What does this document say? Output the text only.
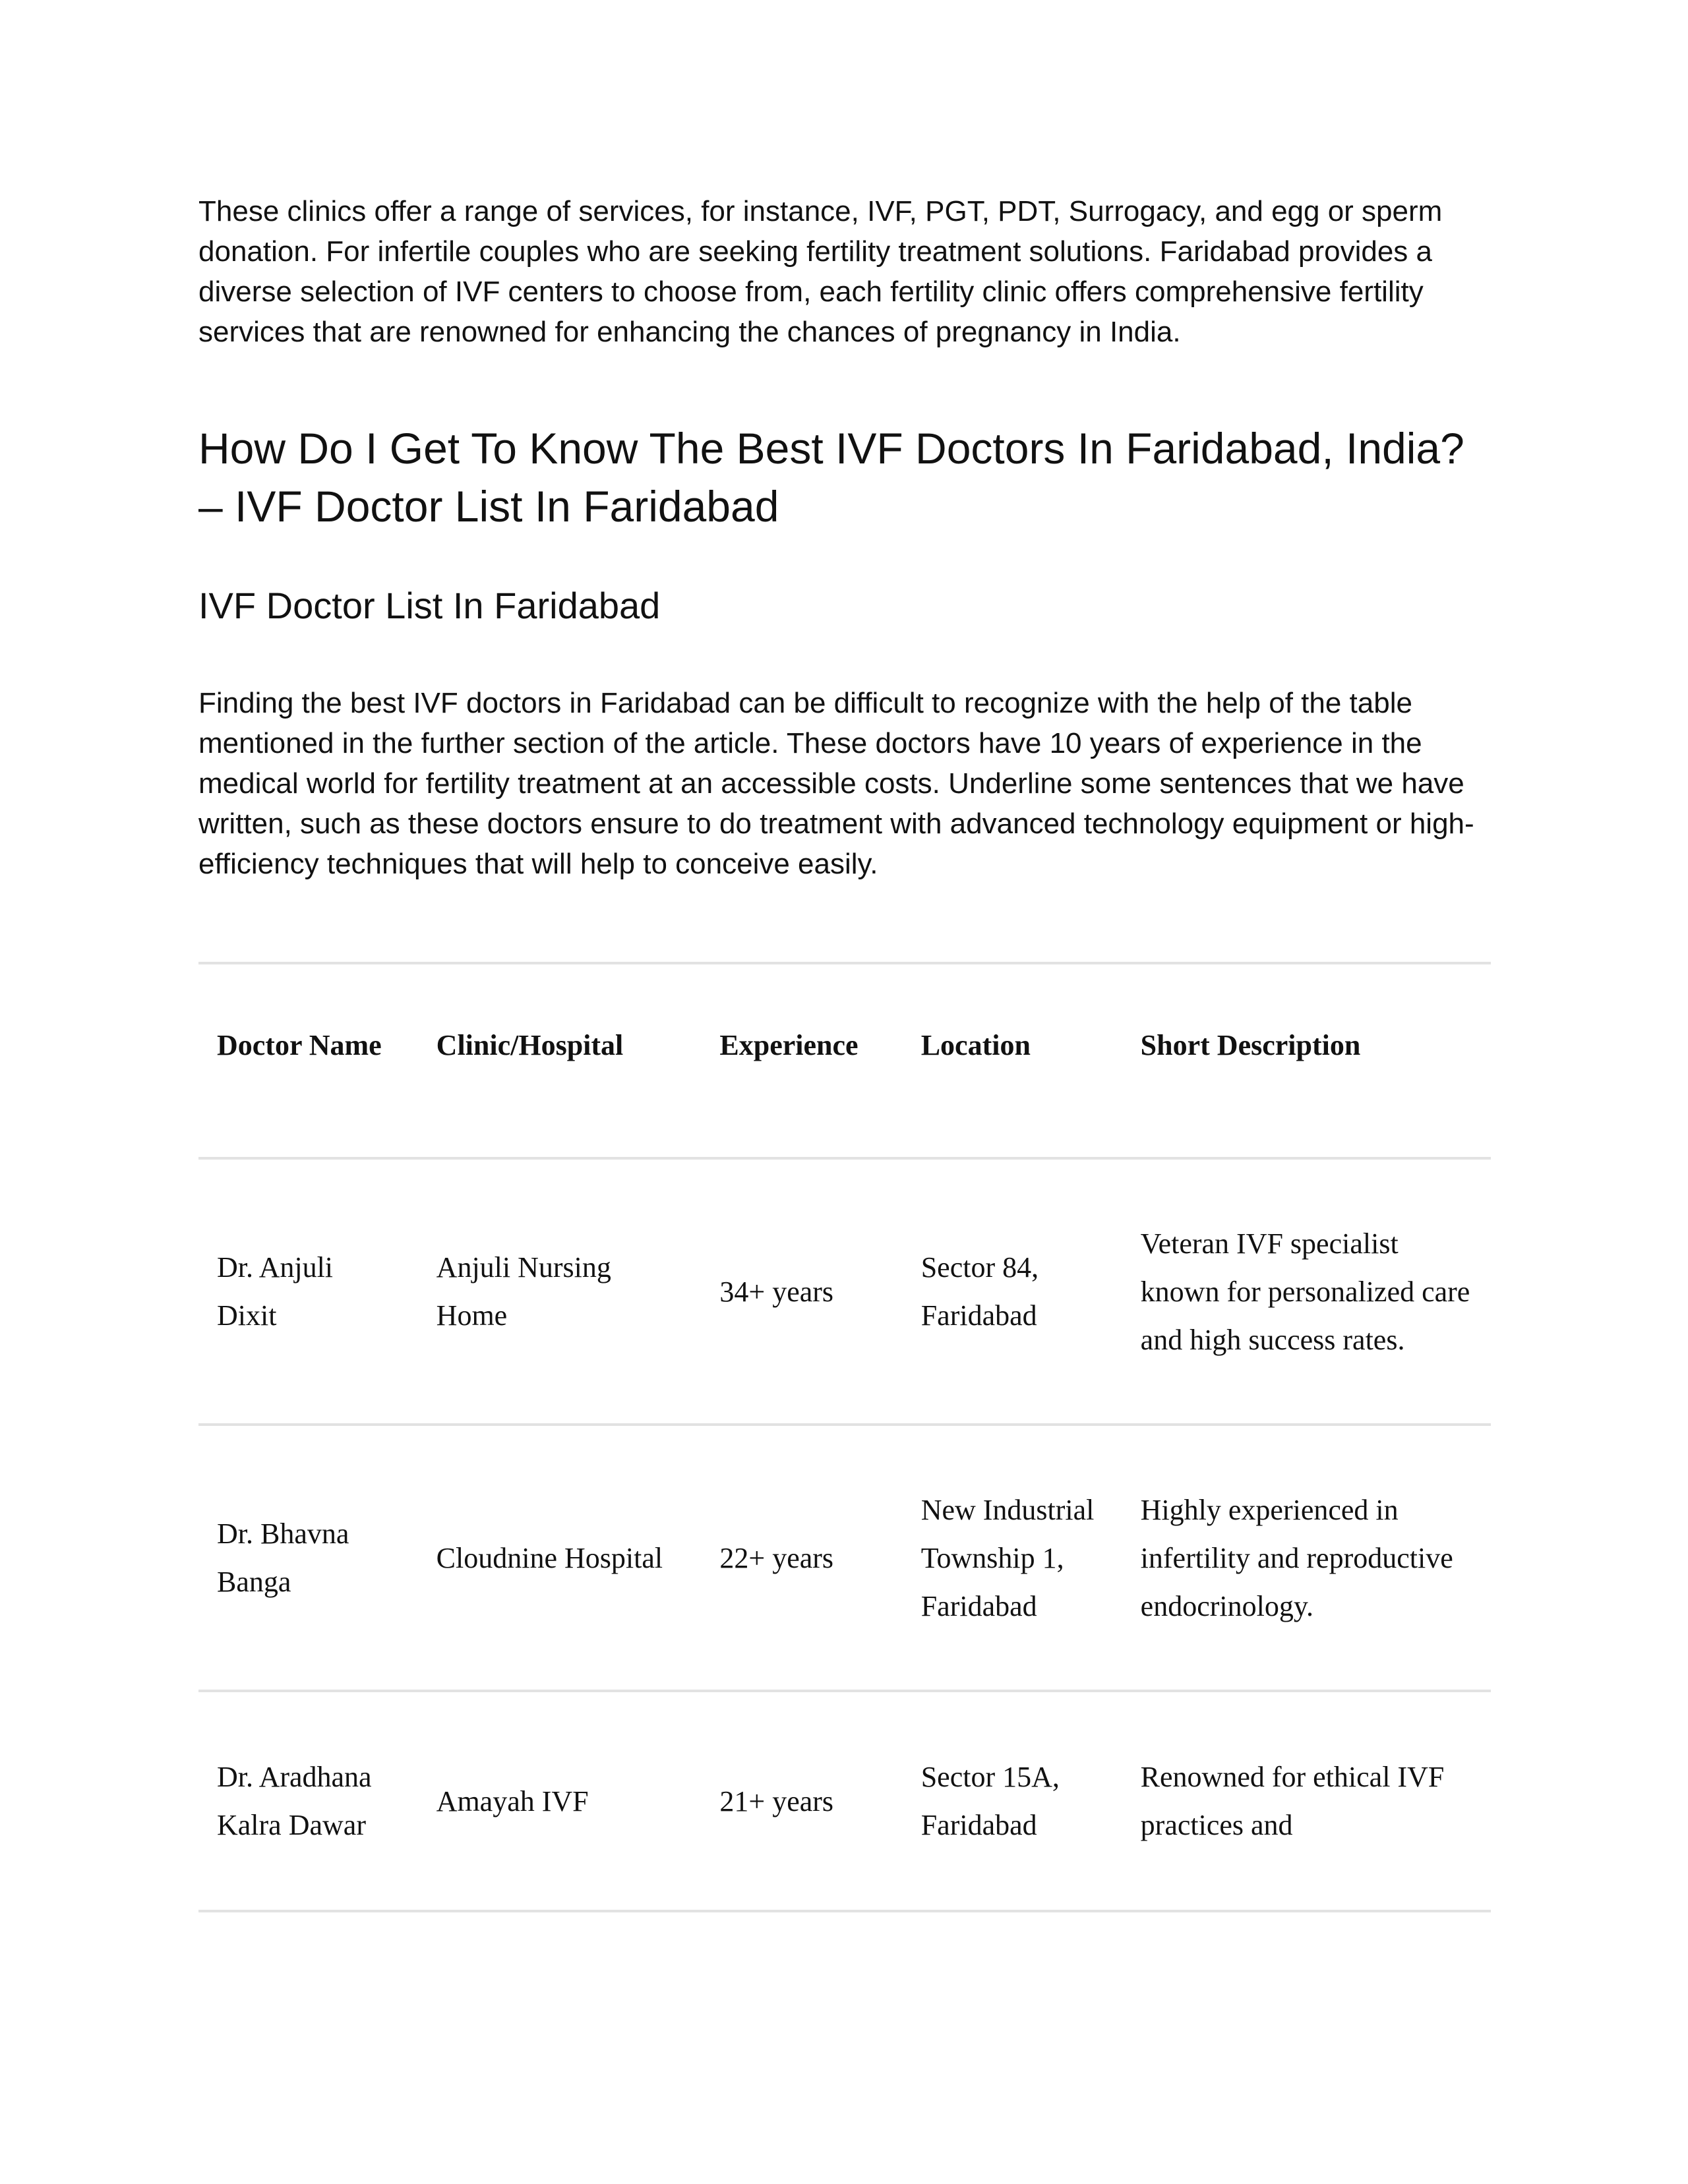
These clinics offer a range of services, for instance, IVF, PGT, PDT, Surrogacy, and egg or sperm donation. For infertile couples who are seeking fertility treatment solutions. Faridabad provides a diverse selection of IVF centers to choose from, each fertility clinic offers comprehensive fertility services that are renowned for enhancing the chances of pregnancy in India.

How Do I Get To Know The Best IVF Doctors In Faridabad, India? – IVF Doctor List In Faridabad
IVF Doctor List In Faridabad

Finding the best IVF doctors in Faridabad can be difficult to recognize with the help of the table mentioned in the further section of the article. These doctors have 10 years of experience in the medical world for fertility treatment at an accessible costs. Underline some sentences that we have written, such as these doctors ensure to do treatment with advanced technology equipment or high-efficiency techniques that will help to conceive easily.

Doctor Name	Clinic/Hospital	Experience	Location	Short Description
Dr. Anjuli Dixit	Anjuli Nursing Home	34+ years	Sector 84, Faridabad	Veteran IVF specialist known for personalized care and high success rates.
Dr. Bhavna Banga	Cloudnine Hospital	22+ years	New Industrial Township 1, Faridabad	Highly experienced in infertility and reproductive endocrinology.
Dr. Aradhana Kalra Dawar	Amayah IVF	21+ years	Sector 15A, Faridabad	Renowned for ethical IVF practices and
